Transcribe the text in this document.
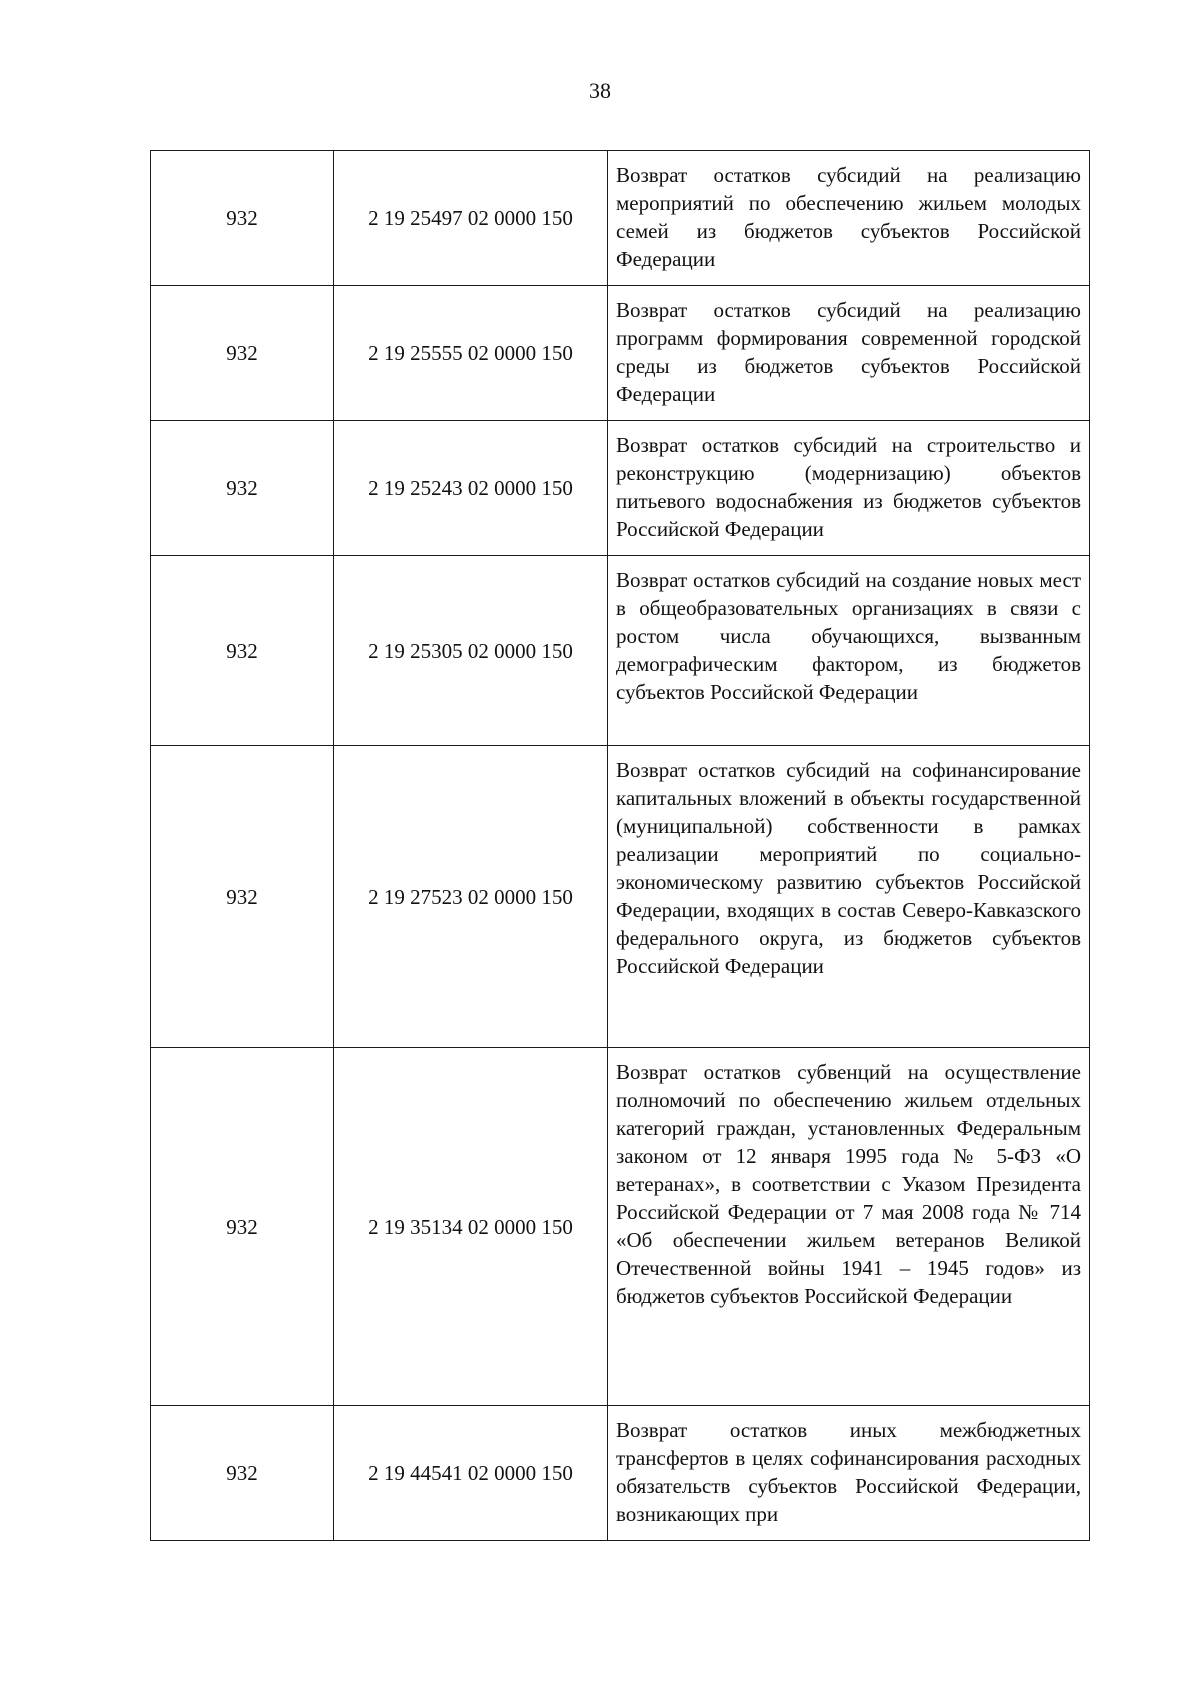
38
932	2 19 25497 02 0000 150	Возврат остатков субсидий на реализацию мероприятий по обеспечению жильем молодых семей из бюджетов субъектов Российской Федерации
932	2 19 25555 02 0000 150	Возврат остатков субсидий на реализацию программ формирования современной городской среды из бюджетов субъектов Российской Федерации
932	2 19 25243 02 0000 150	Возврат остатков субсидий на строительство и реконструкцию (модернизацию) объектов питьевого водоснабжения из бюджетов субъектов Российской Федерации
932	2 19 25305 02 0000 150	Возврат остатков субсидий на создание новых мест в общеобразовательных организациях в связи с ростом числа обучающихся, вызванным демографическим фактором, из бюджетов субъектов Российской Федерации
932	2 19 27523 02 0000 150	Возврат остатков субсидий на софинансирование капитальных вложений в объекты государственной (муниципальной) собственности в рамках реализации мероприятий по социально-экономическому развитию субъектов Российской Федерации, входящих в состав Северо-Кавказского федерального округа, из бюджетов субъектов Российской Федерации
932	2 19 35134 02 0000 150	Возврат остатков субвенций на осуществление полномочий по обеспечению жильем отдельных категорий граждан, установленных Федеральным законом от 12 января 1995 года № 5-ФЗ «О ветеранах», в соответствии с Указом Президента Российской Федерации от 7 мая 2008 года № 714 «Об обеспечении жильем ветеранов Великой Отечественной войны 1941 – 1945 годов» из бюджетов субъектов Российской Федерации
932	2 19 44541 02 0000 150	Возврат остатков иных межбюджетных трансфертов в целях софинансирования расходных обязательств субъектов Российской Федерации, возникающих при
